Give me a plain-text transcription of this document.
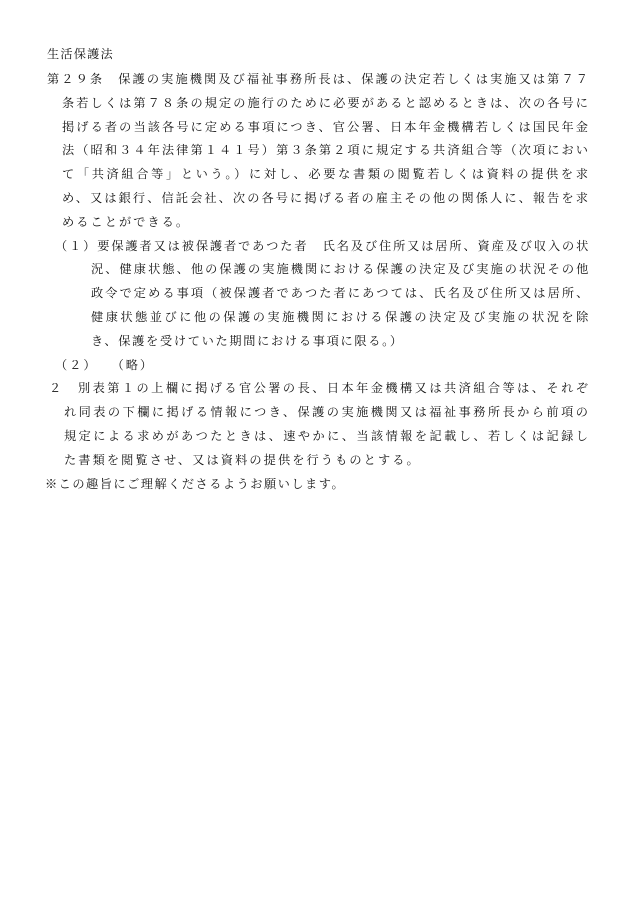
生活保護法

第２９条 保護の実施機関及び福祉事務所長は、保護の決定若しくは実施又は第７７条若しくは第７８条の規定の施行のために必要があると認めるときは、次の各号に掲げる者の当該各号に定める事項につき、官公署、日本年金機構若しくは国民年金法（昭和３４年法律第１４１号）第３条第２項に規定する共済組合等（次項において「共済組合等」という。）に対し、必要な書類の閲覧若しくは資料の提供を求め、又は銀行、信託会社、次の各号に掲げる者の雇主その他の関係人に、報告を求めることができる。

（１）要保護者又は被保護者であつた者 氏名及び住所又は居所、資産及び収入の状況、健康状態、他の保護の実施機関における保護の決定及び実施の状況その他政令で定める事項（被保護者であつた者にあつては、氏名及び住所又は居所、健康状態並びに他の保護の実施機関における保護の決定及び実施の状況を除き、保護を受けていた期間における事項に限る。）

（２） （略）

２ 別表第１の上欄に掲げる官公署の長、日本年金機構又は共済組合等は、それぞれ同表の下欄に掲げる情報につき、保護の実施機関又は福祉事務所長から前項の規定による求めがあつたときは、速やかに、当該情報を記載し、若しくは記録した書類を閲覧させ、又は資料の提供を行うものとする。

※この趣旨にご理解くださるようお願いします。
